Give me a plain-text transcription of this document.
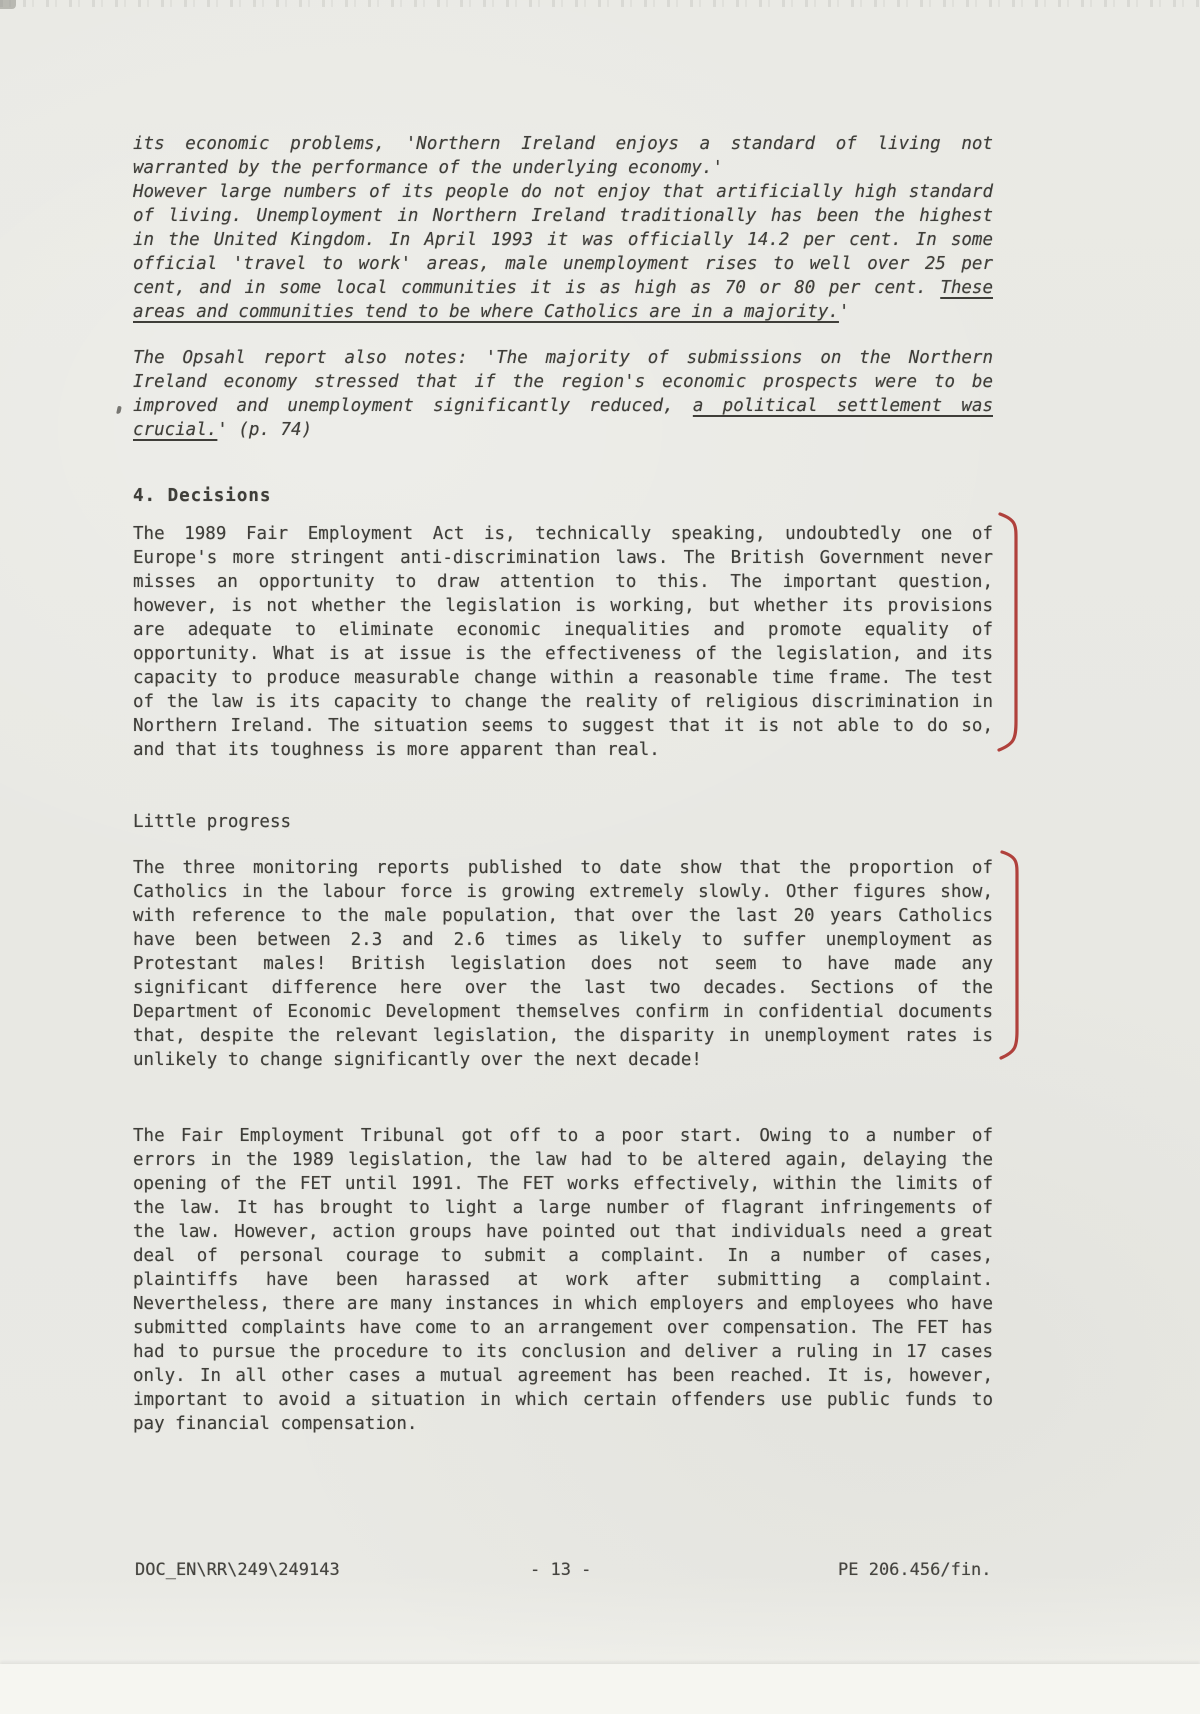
its economic problems, 'Northern Ireland enjoys a standard of living not
warranted by the performance of the underlying economy.'
However large numbers of its people do not enjoy that artificially high standard
of living. Unemployment in Northern Ireland traditionally has been the highest
in the United Kingdom. In April 1993 it was officially 14.2 per cent. In some
official 'travel to work' areas, male unemployment rises to well over 25 per
cent, and in some local communities it is as high as 70 or 80 per cent. These
areas and communities tend to be where Catholics are in a majority.'
The Opsahl report also notes: 'The majority of submissions on the Northern
Ireland economy stressed that if the region's economic prospects were to be
improved and unemployment significantly reduced, a political settlement was
crucial.' (p. 74)
4. Decisions
The 1989 Fair Employment Act is, technically speaking, undoubtedly one of
Europe's more stringent anti-discrimination laws. The British Government never
misses an opportunity to draw attention to this. The important question,
however, is not whether the legislation is working, but whether its provisions
are adequate to eliminate economic inequalities and promote equality of
opportunity. What is at issue is the effectiveness of the legislation, and its
capacity to produce measurable change within a reasonable time frame. The test
of the law is its capacity to change the reality of religious discrimination in
Northern Ireland. The situation seems to suggest that it is not able to do so,
and that its toughness is more apparent than real.
Little progress
The three monitoring reports published to date show that the proportion of
Catholics in the labour force is growing extremely slowly. Other figures show,
with reference to the male population, that over the last 20 years Catholics
have been between 2.3 and 2.6 times as likely to suffer unemployment as
Protestant males! British legislation does not seem to have made any
significant difference here over the last two decades. Sections of the
Department of Economic Development themselves confirm in confidential documents
that, despite the relevant legislation, the disparity in unemployment rates is
unlikely to change significantly over the next decade!
The Fair Employment Tribunal got off to a poor start. Owing to a number of
errors in the 1989 legislation, the law had to be altered again, delaying the
opening of the FET until 1991. The FET works effectively, within the limits of
the law. It has brought to light a large number of flagrant infringements of
the law. However, action groups have pointed out that individuals need a great
deal of personal courage to submit a complaint. In a number of cases,
plaintiffs have been harassed at work after submitting a complaint.
Nevertheless, there are many instances in which employers and employees who have
submitted complaints have come to an arrangement over compensation. The FET has
had to pursue the procedure to its conclusion and deliver a ruling in 17 cases
only. In all other cases a mutual agreement has been reached. It is, however,
important to avoid a situation in which certain offenders use public funds to
pay financial compensation.
DOC_EN\RR\249\249143	- 13 -	PE 206.456/fin.
